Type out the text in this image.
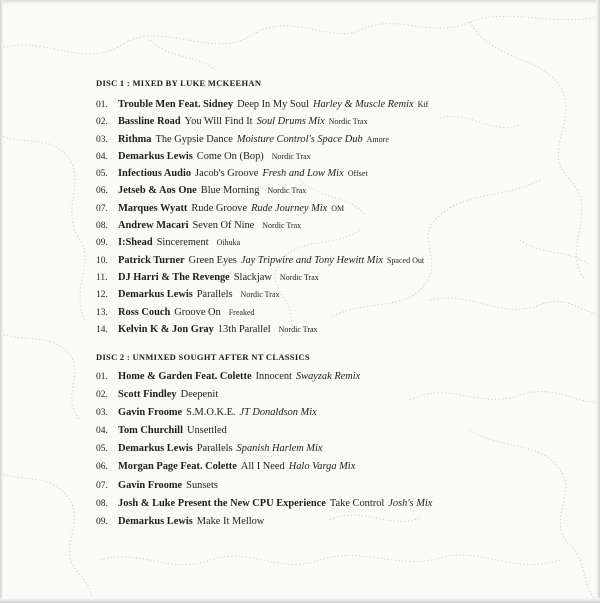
DISC 1 : MIXED BY LUKE MCKEEHAN
01. Trouble Men Feat. Sidney Deep In My Soul Harley & Muscle Remix Kif
02. Bassline Road You Will Find It Soul Drums Mix Nordic Trax
03. Rithma The Gypsie Dance Moisture Control's Space Dub Amore
04. Demarkus Lewis Come On (Bop) Nordic Trax
05. Infectious Audio Jacob's Groove Fresh and Low Mix Offset
06. Jetseb & Aos One Blue Morning Nordic Trax
07. Marques Wyatt Rude Groove Rude Journey Mix OM
08. Andrew Macari Seven Of Nine Nordic Trax
09. I:Shead Sincerement Oihuka
10. Patrick Turner Green Eyes Jay Tripwire and Tony Hewitt Mix Spaced Out
11. DJ Harri & The Revenge Slackjaw Nordic Trax
12. Demarkus Lewis Parallels Nordic Trax
13. Ross Couch Groove On Freaked
14. Kelvin K & Jon Gray 13th Parallel Nordic Trax
DISC 2 : UNMIXED SOUGHT AFTER NT CLASSICS
01. Home & Garden Feat. Colette Innocent Swayzak Remix
02. Scott Findley Deepenit
03. Gavin Froome S.M.O.K.E. JT Donaldson Mix
04. Tom Churchill Unsettled
05. Demarkus Lewis Parallels Spanish Harlem Mix
06. Morgan Page Feat. Colette All I Need Halo Varga Mix
07. Gavin Froome Sunsets
08. Josh & Luke Present the New CPU Experience Take Control Josh's Mix
09. Demarkus Lewis Make It Mellow
